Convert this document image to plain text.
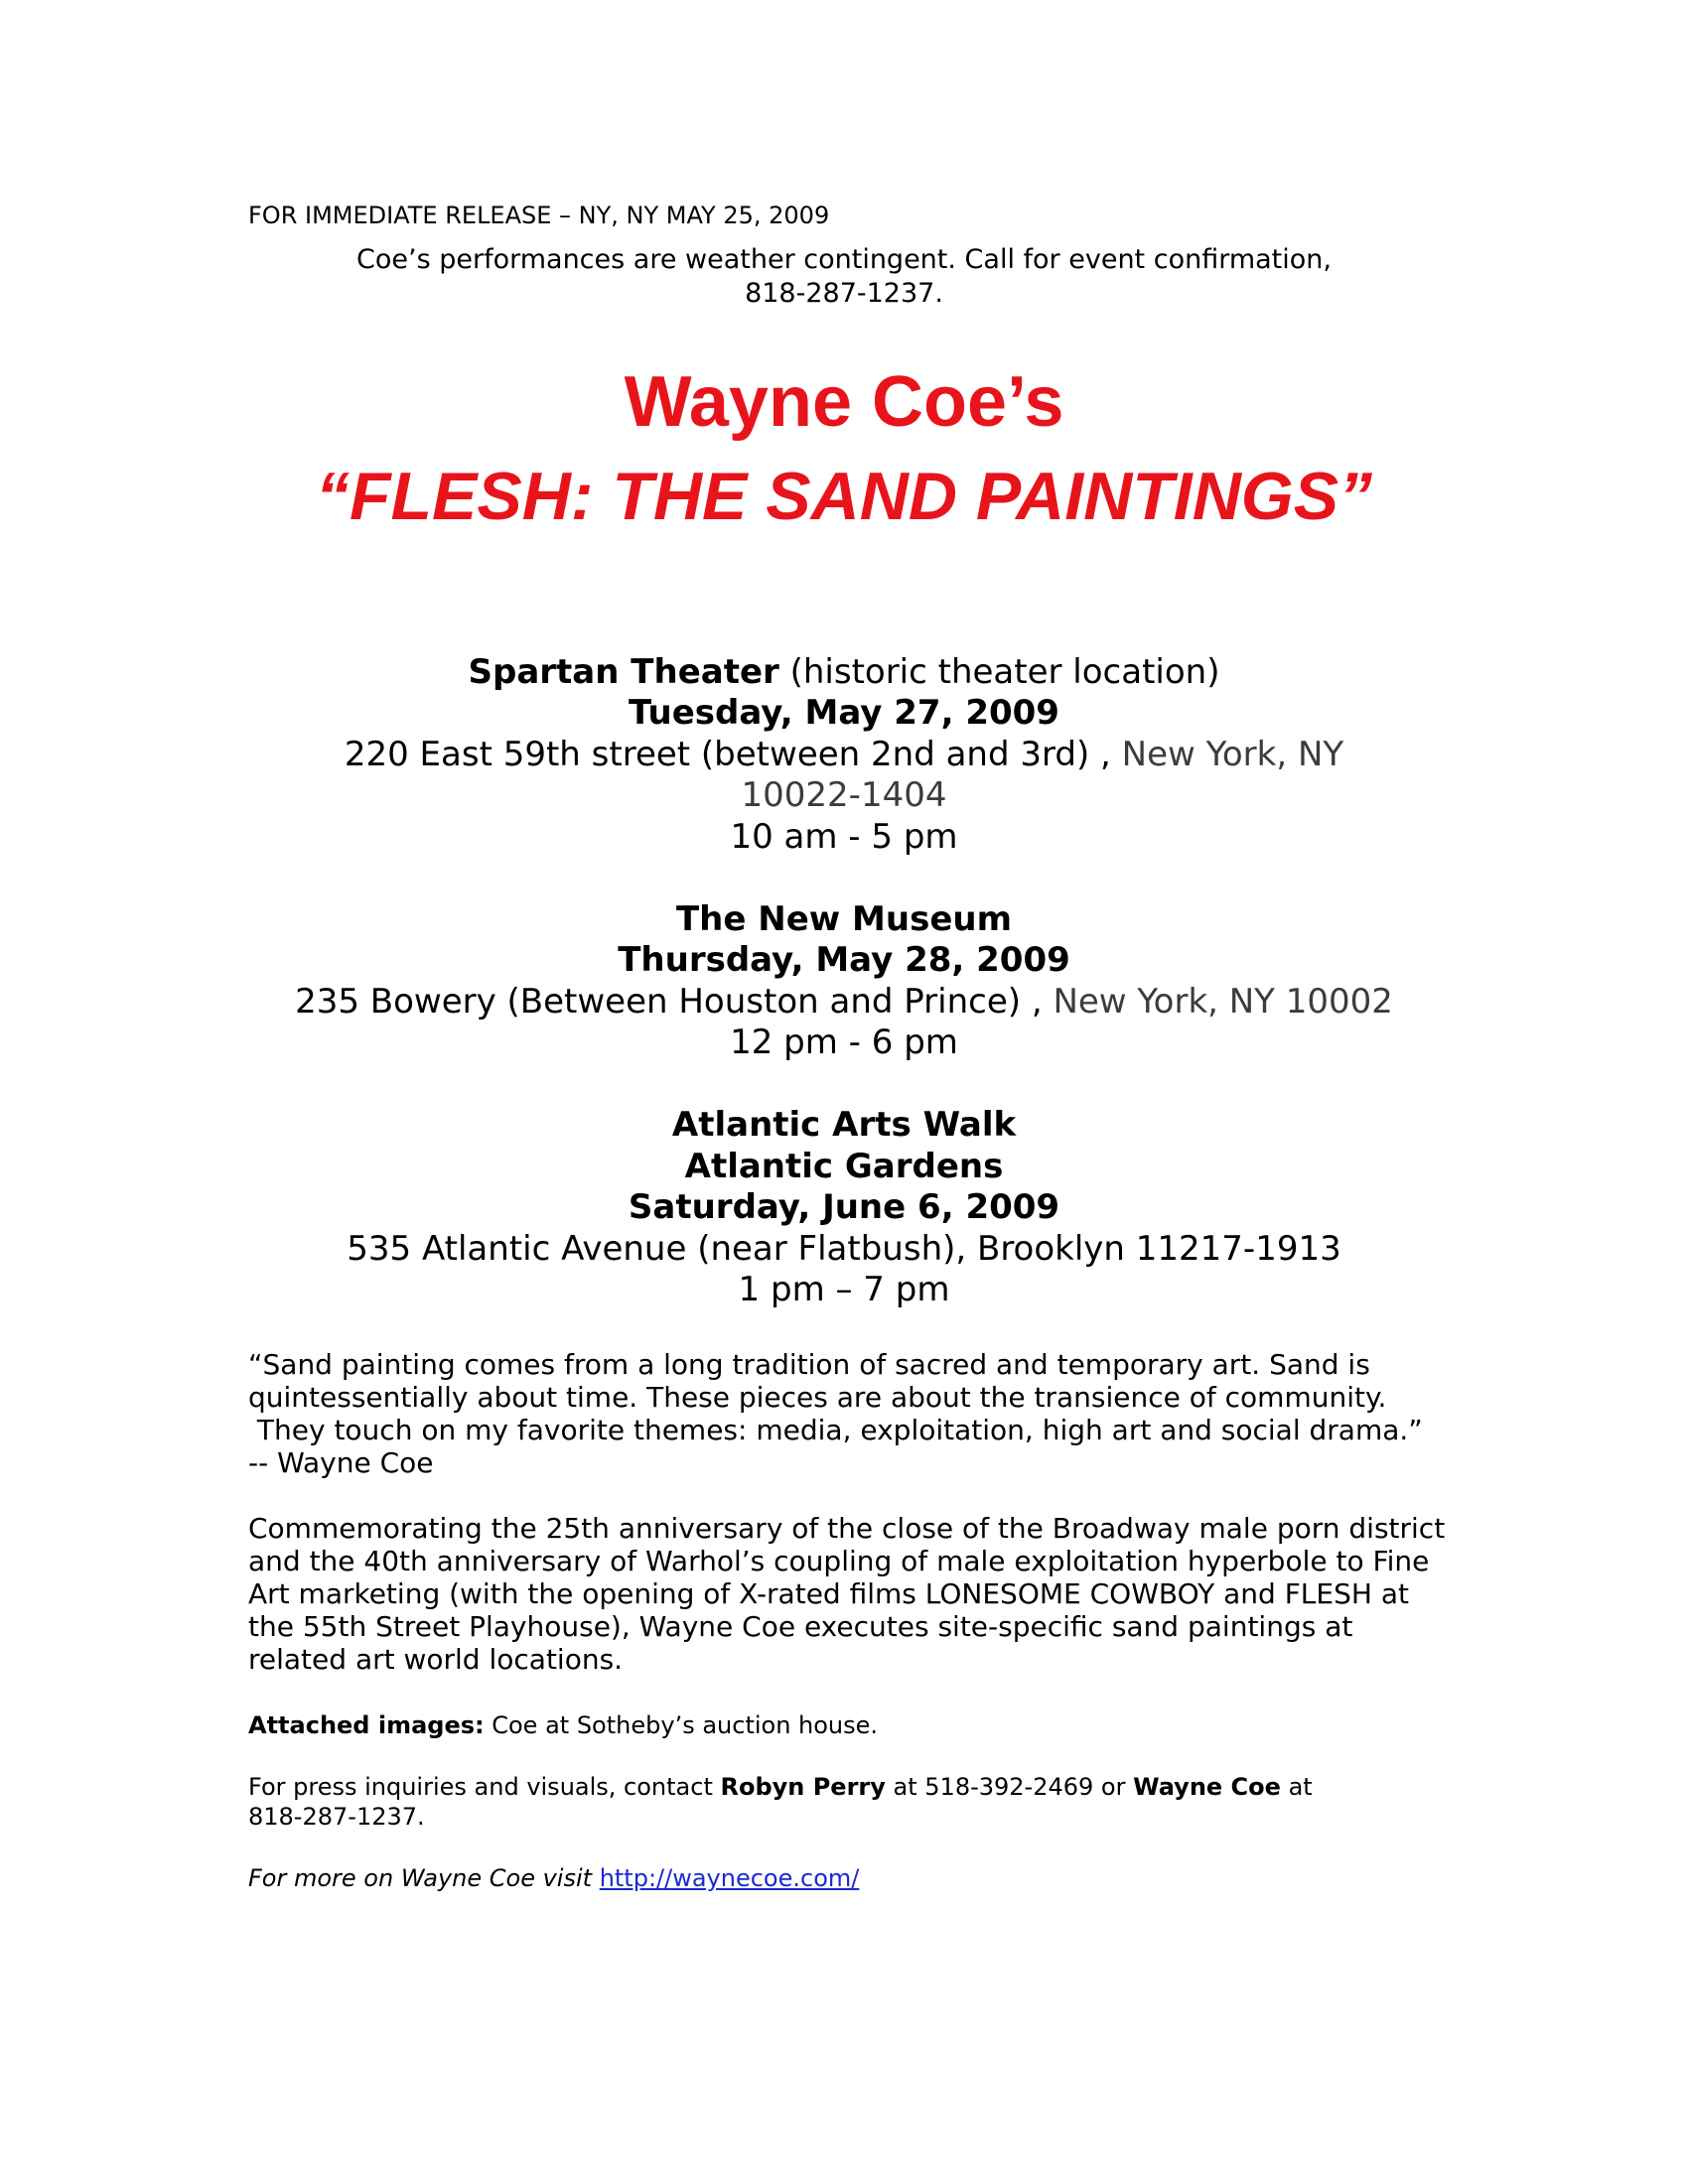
FOR IMMEDIATE RELEASE – NY, NY MAY 25, 2009
Coe’s performances are weather contingent. Call for event confirmation,
818-287-1237.
Wayne Coe’s
“FLESH: THE SAND PAINTINGS”
Spartan Theater (historic theater location)
Tuesday, May 27, 2009
220 East 59th street (between 2nd and 3rd) , New York, NY
10022-1404
10 am - 5 pm
The New Museum
Thursday, May 28, 2009
235 Bowery (Between Houston and Prince) , New York, NY 10002
12 pm - 6 pm
Atlantic Arts Walk
Atlantic Gardens
Saturday, June 6, 2009
535 Atlantic Avenue (near Flatbush), Brooklyn 11217-1913
1 pm – 7 pm
“Sand painting comes from a long tradition of sacred and temporary art. Sand is
quintessentially about time. These pieces are about the transience of community.
They touch on my favorite themes: media, exploitation, high art and social drama.”
-- Wayne Coe
Commemorating the 25th anniversary of the close of the Broadway male porn district
and the 40th anniversary of Warhol’s coupling of male exploitation hyperbole to Fine
Art marketing (with the opening of X-rated films LONESOME COWBOY and FLESH at
the 55th Street Playhouse), Wayne Coe executes site-specific sand paintings at
related art world locations.
Attached images: Coe at Sotheby’s auction house.
For press inquiries and visuals, contact Robyn Perry at 518-392-2469 or Wayne Coe at
818-287-1237.
For more on Wayne Coe visit http://waynecoe.com/
